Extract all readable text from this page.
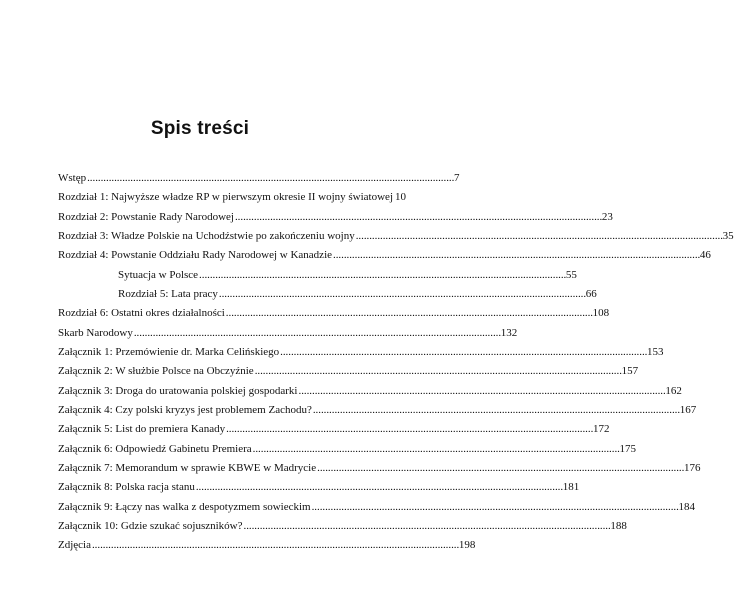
Spis treści
Wstęp . . .	7
Rozdział 1: Najwyższe władze RP w pierwszym okresie II wojny światowej 10
Rozdział 2: Powstanie Rady Narodowej . . .	23
Rozdział 3: Władze Polskie na Uchodźstwie po zakończeniu wojny . . .	35
Rozdział 4: Powstanie Oddziału Rady Narodowej w Kanadzie . . .	46
Sytuacja w Polsce . . .	55
Rozdział 5: Lata pracy . . .	66
Rozdział 6: Ostatni okres działalności . . .	108
Skarb Narodowy . . .	132
Załącznik 1: Przemówienie dr. Marka Celińskiego . . .	153
Załącznik 2: W służbie Polsce na Obczyźnie . . .	157
Załącznik 3: Droga do uratowania polskiej gospodarki . . .	162
Załącznik 4: Czy polski kryzys jest problemem Zachodu? . . .	167
Załącznik 5: List do premiera Kanady . . .	172
Załącznik 6: Odpowiedź Gabinetu Premiera . . .	175
Załącznik 7: Memorandum w sprawie KBWE w Madrycie . . .	176
Załącznik 8: Polska racja stanu . . .	181
Załącznik 9: Łączy nas walka z despotyzmem sowieckim . . .	184
Załącznik 10: Gdzie szukać sojuszników? . . .	188
Zdjęcia . . .	198
